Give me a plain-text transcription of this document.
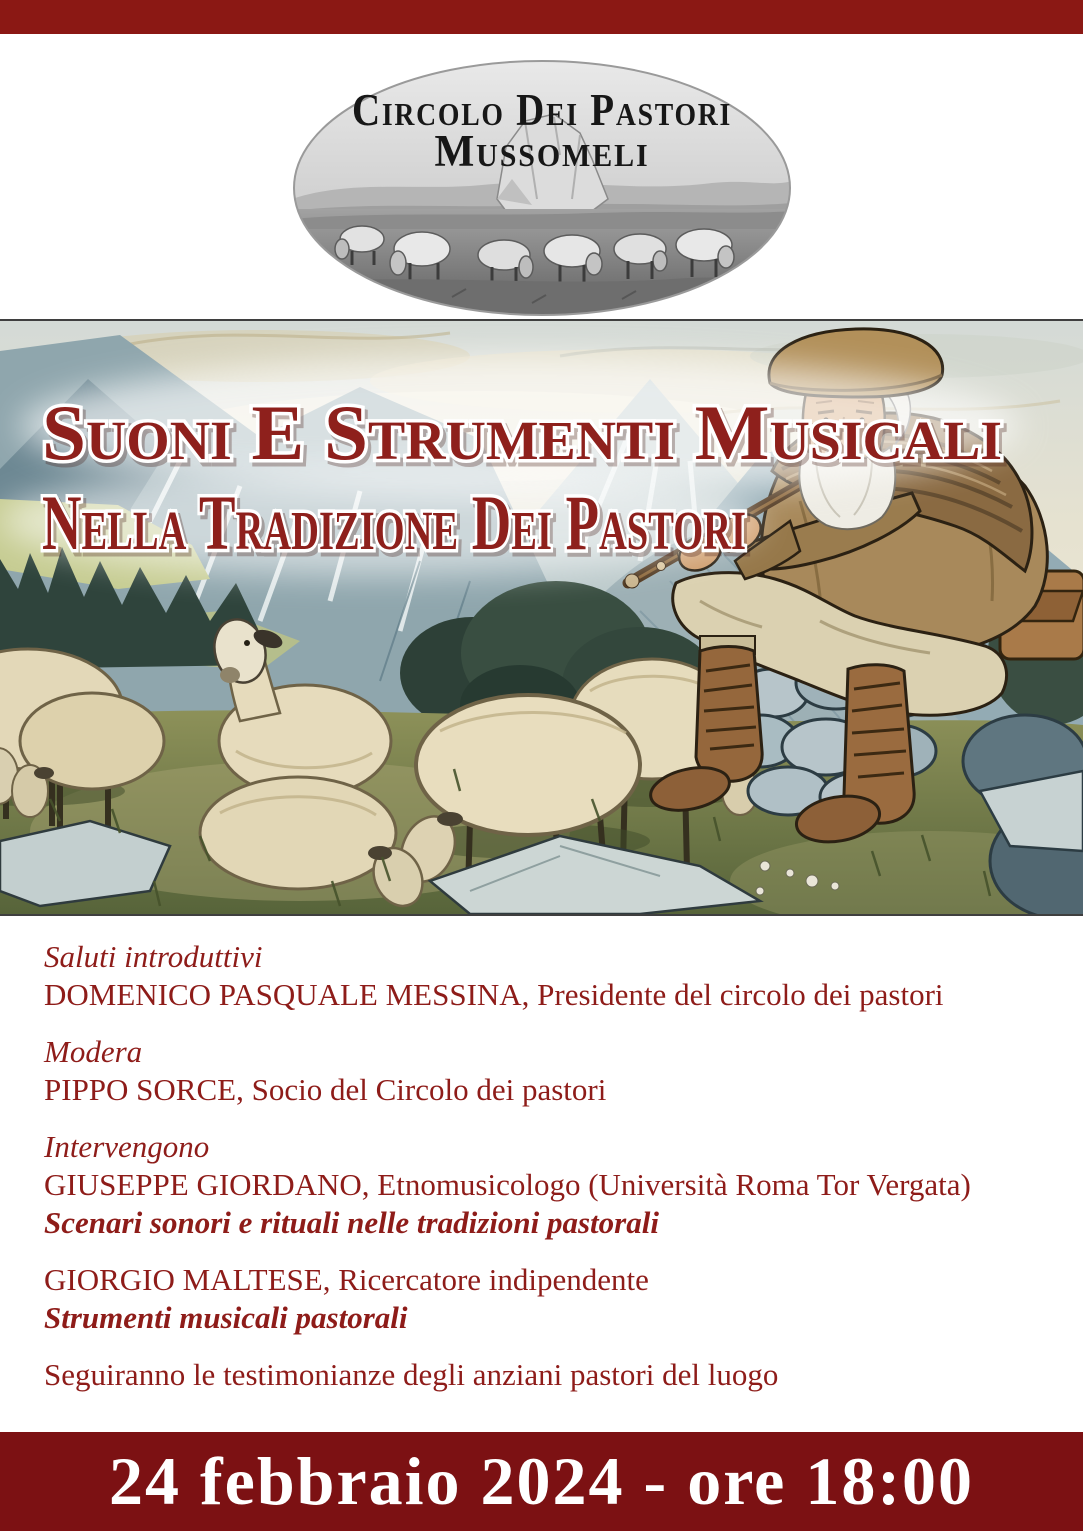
Circolo Dei Pastori
Mussomeli
Suoni E Strumenti Musicali
Nella Tradizione Dei Pastori

Saluti introduttivi

DOMENICO PASQUALE MESSINA, Presidente del circolo dei pastori

Modera

PIPPO SORCE, Socio del Circolo dei pastori

Intervengono

GIUSEPPE GIORDANO, Etnomusicologo (Università Roma Tor Vergata)

Scenari sonori e rituali nelle tradizioni pastorali

GIORGIO MALTESE, Ricercatore indipendente

Strumenti musicali pastorali

Seguiranno le testimonianze degli anziani pastori del luogo

24 febbraio 2024 - ore 18:00
